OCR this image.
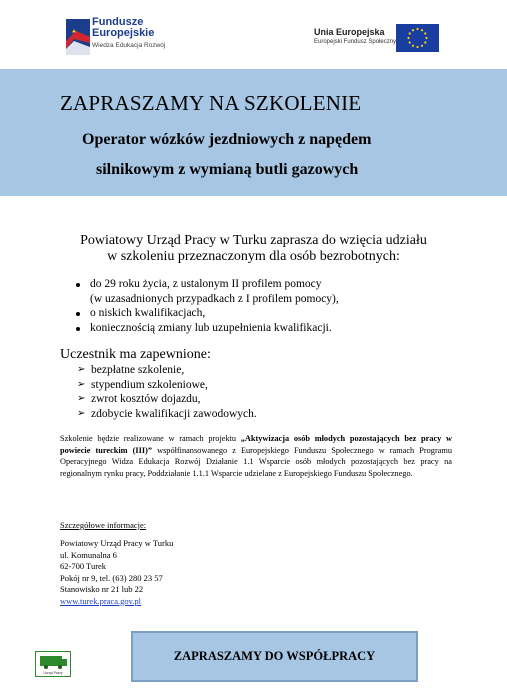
Fundusze
Europejskie
Wiedza Edukacja Rozwój
Unia Europejska
Europejski Fundusz Społeczny
ZAPRASZAMY NA SZKOLENIE
Operator wózków jezdniowych z napędem
silnikowym z wymianą butli gazowych
Powiatowy Urząd Pracy w Turku zaprasza do wzięcia udziału
w szkoleniu przeznaczonym dla osób bezrobotnych:
do 29 roku życia, z ustalonym II profilem pomocy
(w uzasadnionych przypadkach z I profilem pomocy),
o niskich kwalifikacjach,
koniecznością zmiany lub uzupełnienia kwalifikacji.
Uczestnik ma zapewnione:
➢ bezpłatne szkolenie,
➢ stypendium szkoleniowe,
➢ zwrot kosztów dojazdu,
➢ zdobycie kwalifikacji zawodowych.
Szkolenie będzie realizowane w ramach projektu „Aktywizacja osób młodych pozostających bez pracy w powiecie tureckim (III)” współfinansowanego z Europejskiego Funduszu Społecznego w ramach Programu Operacyjnego Widza Edukacja Rozwój Działanie 1.1 Wsparcie osób młodych pozostających bez pracy na regionalnym rynku pracy, Poddziałanie 1.1.1 Wsparcie udzielane z Europejskiego Funduszu Społecznego.
Szczegółowe informacje:
Powiatowy Urząd Pracy w Turku
ul. Komunalna 6
62-700 Turek
Pokój nr 9, tel. (63) 280 23 57
Stanowisko nr 21 lub 22
www.turek.praca.gov.pl
Urząd Pracy
ZAPRASZAMY DO WSPÓŁPRACY
